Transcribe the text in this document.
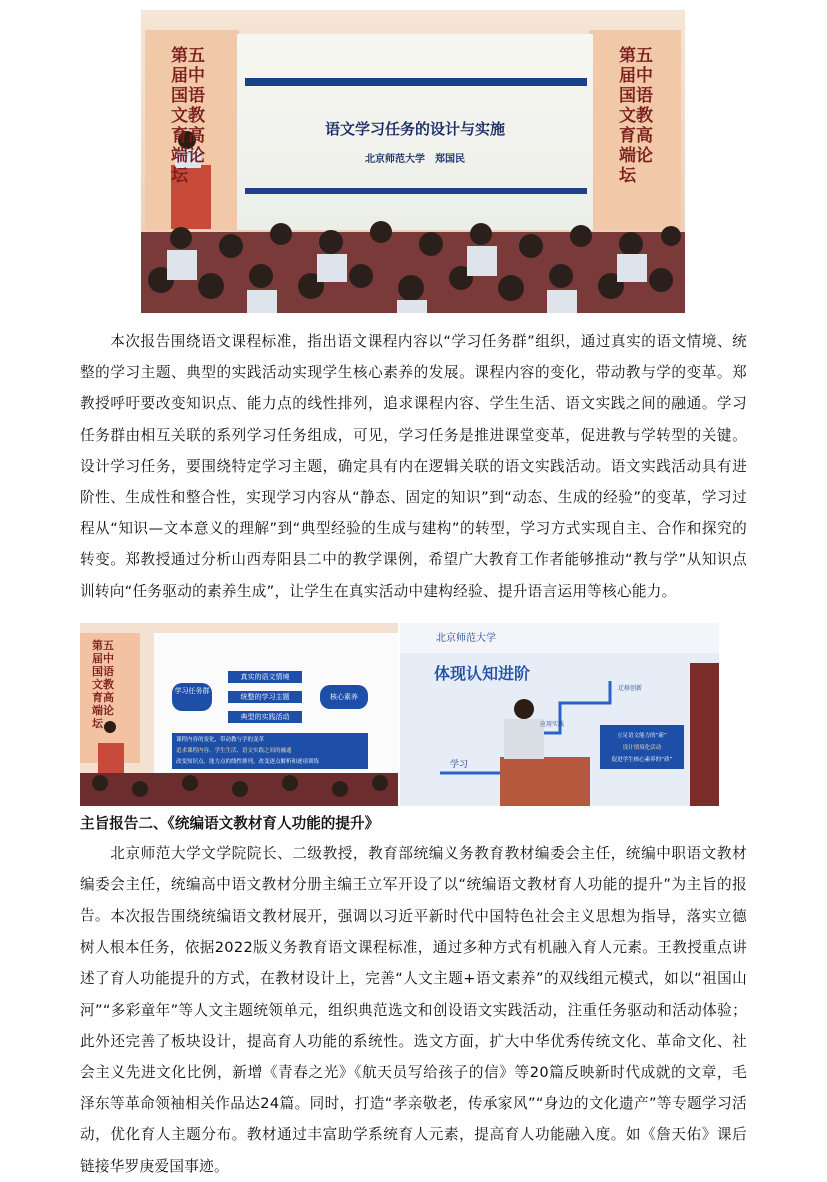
第五届中国语文教育高端论坛
第五届中国语文教育高端论坛
语文学习任务的设计与实施
北京师范大学　郑国民
本次报告围绕语文课程标准，指出语文课程内容以“学习任务群”组织，通过真实的语文情境、统整的学习主题、典型的实践活动实现学生核心素养的发展。课程内容的变化，带动教与学的变革。郑教授呼吁要改变知识点、能力点的线性排列，追求课程内容、学生生活、语文实践之间的融通。学习任务群由相互关联的系列学习任务组成，可见，学习任务是推进课堂变革，促进教与学转型的关键。设计学习任务，要围绕特定学习主题，确定具有内在逻辑关联的语文实践活动。语文实践活动具有进阶性、生成性和整合性，实现学习内容从“静态、固定的知识”到“动态、生成的经验”的变革，学习过程从“知识—文本意义的理解”到“典型经验的生成与建构”的转型，学习方式实现自主、合作和探究的转变。郑教授通过分析山西寿阳县二中的教学课例，希望广大教育工作者能够推动“教与学”从知识点训转向“任务驱动的素养生成”，让学生在真实活动中建构经验、提升语言运用等核心能力。
第五届中国语文教育高端论坛
学习任务群
真实的语文情境
统整的学习主题
典型的实践活动
核心素养
课程内容的变化，带动教与学的变革
追求课程内容、学生生活、语文实践之间的融通
改变知识点、能力点的线性排列，改变逐点解析和逐项训练
北京师范大学
体现认知进阶
学习
应用实践
迁移创新
立足语文能力的“新”
设计情境化活动
促进学生核心素养的“质”
主旨报告二、《统编语文教材育人功能的提升》
北京师范大学文学院院长、二级教授，教育部统编义务教育教材编委会主任，统编中职语文教材编委会主任，统编高中语文教材分册主编王立军开设了以“统编语文教材育人功能的提升”为主旨的报告。 本次报告围绕统编语文教材展开，强调以习近平新时代中国特色社会主义思想为指导，落实立德树人根本任务，依据2022版义务教育语文课程标准，通过多种方式有机融入育人元素。王教授重点讲述了育人功能提升的方式，在教材设计上，完善“人文主题+语文素养”的双线组元模式，如以“祖国山河”“多彩童年”等人文主题统领单元，组织典范选文和创设语文实践活动，注重任务驱动和活动体验；此外还完善了板块设计，提高育人功能的系统性。选文方面，扩大中华优秀传统文化、革命文化、社会主义先进文化比例，新增《青春之光》《航天员写给孩子的信》等20篇反映新时代成就的文章，毛泽东等革命领袖相关作品达24篇。同时，打造“孝亲敬老，传承家风”“身边的文化遗产”等专题学习活动，优化育人主题分布。教材通过丰富助学系统育人元素，提高育人功能融入度。如《詹天佑》课后链接华罗庚爱国事迹。
